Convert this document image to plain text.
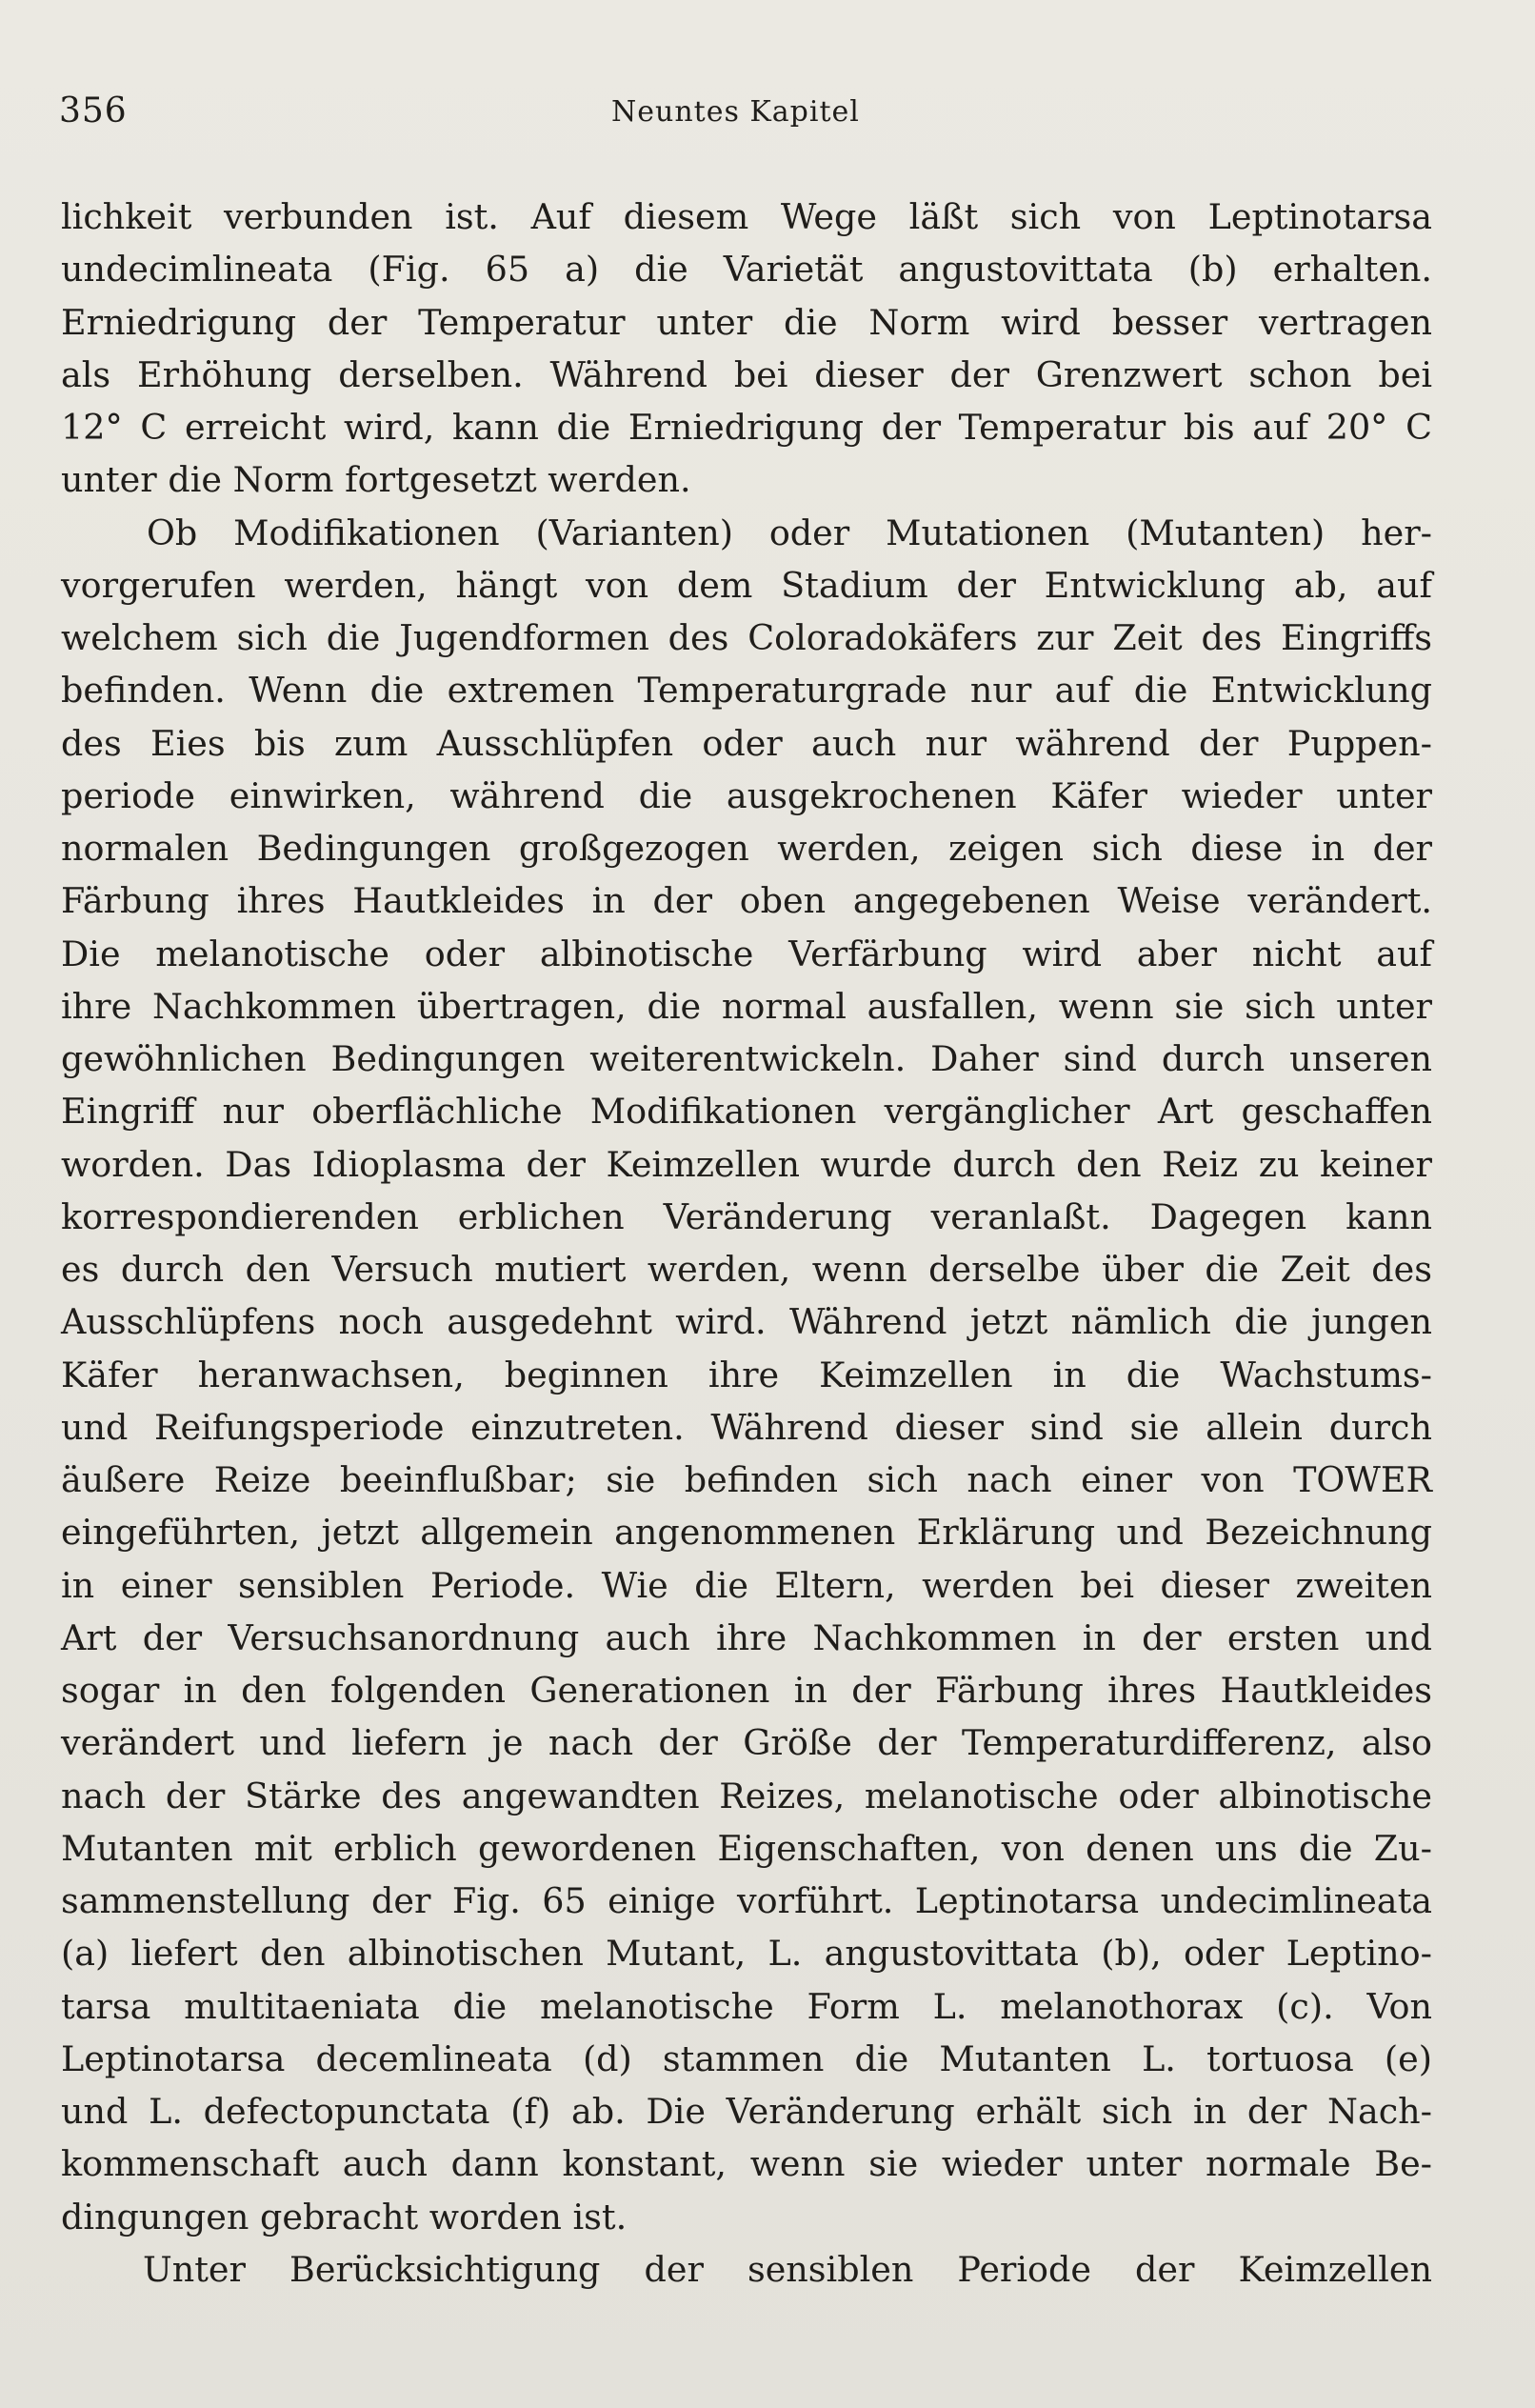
356	Neuntes Kapitel
lichkeit verbunden ist. Auf diesem Wege läßt sich von Leptinotarsa
undecimlineata (Fig. 65 a) die Varietät angustovittata (b) erhalten.
Erniedrigung der Temperatur unter die Norm wird besser vertragen
als Erhöhung derselben. Während bei dieser der Grenzwert schon bei
12° C erreicht wird, kann die Erniedrigung der Temperatur bis auf 20° C
unter die Norm fortgesetzt werden.
Ob Modifikationen (Varianten) oder Mutationen (Mutanten) her-
vorgerufen werden, hängt von dem Stadium der Entwicklung ab, auf
welchem sich die Jugendformen des Coloradokäfers zur Zeit des Eingriffs
befinden. Wenn die extremen Temperaturgrade nur auf die Entwicklung
des Eies bis zum Ausschlüpfen oder auch nur während der Puppen-
periode einwirken, während die ausgekrochenen Käfer wieder unter
normalen Bedingungen großgezogen werden, zeigen sich diese in der
Färbung ihres Hautkleides in der oben angegebenen Weise verändert.
Die melanotische oder albinotische Verfärbung wird aber nicht auf
ihre Nachkommen übertragen, die normal ausfallen, wenn sie sich unter
gewöhnlichen Bedingungen weiterentwickeln. Daher sind durch unseren
Eingriff nur oberflächliche Modifikationen vergänglicher Art geschaffen
worden. Das Idioplasma der Keimzellen wurde durch den Reiz zu keiner
korrespondierenden erblichen Veränderung veranlaßt. Dagegen kann
es durch den Versuch mutiert werden, wenn derselbe über die Zeit des
Ausschlüpfens noch ausgedehnt wird. Während jetzt nämlich die jungen
Käfer heranwachsen, beginnen ihre Keimzellen in die Wachstums-
und Reifungsperiode einzutreten. Während dieser sind sie allein durch
äußere Reize beeinflußbar; sie befinden sich nach einer von TOWER
eingeführten, jetzt allgemein angenommenen Erklärung und Bezeichnung
in einer sensiblen Periode. Wie die Eltern, werden bei dieser zweiten
Art der Versuchsanordnung auch ihre Nachkommen in der ersten und
sogar in den folgenden Generationen in der Färbung ihres Hautkleides
verändert und liefern je nach der Größe der Temperaturdifferenz, also
nach der Stärke des angewandten Reizes, melanotische oder albinotische
Mutanten mit erblich gewordenen Eigenschaften, von denen uns die Zu-
sammenstellung der Fig. 65 einige vorführt. Leptinotarsa undecimlineata
(a) liefert den albinotischen Mutant, L. angustovittata (b), oder Leptino-
tarsa multitaeniata die melanotische Form L. melanothorax (c). Von
Leptinotarsa decemlineata (d) stammen die Mutanten L. tortuosa (e)
und L. defectopunctata (f) ab. Die Veränderung erhält sich in der Nach-
kommenschaft auch dann konstant, wenn sie wieder unter normale Be-
dingungen gebracht worden ist.
Unter Berücksichtigung der sensiblen Periode der Keimzellen
